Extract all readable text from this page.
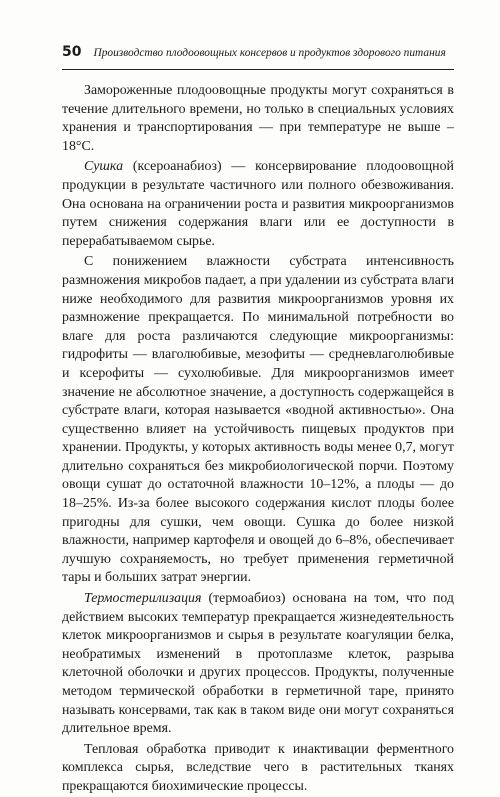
50 Производство плодоовощных консервов и продуктов здорового питания

Замороженные плодоовощные продукты могут сохраняться в течение длительного времени, но только в специальных условиях хранения и транспортирования — при температуре не выше –18°С.

Сушка (ксероанабиоз) — консервирование плодоовощной продукции в результате частичного или полного обезвоживания. Она основана на ограничении роста и развития микроорганизмов путем снижения содержания влаги или ее доступности в перерабатываемом сырье.

С понижением влажности субстрата интенсивность размножения микробов падает, а при удалении из субстрата влаги ниже необходимого для развития микроорганизмов уровня их размножение прекращается. По минимальной потребности во влаге для роста различаются следующие микроорганизмы: гидрофиты — влаголюбивые, мезофиты — средневлаголюбивые и ксерофиты — сухолюбивые. Для микроорганизмов имеет значение не абсолютное значение, а доступность содержащейся в субстрате влаги, которая называется «водной активностью». Она существенно влияет на устойчивость пищевых продуктов при хранении. Продукты, у которых активность воды менее 0,7, могут длительно сохраняться без микробиологической порчи. Поэтому овощи сушат до остаточной влажности 10–12%, а плоды — до 18–25%. Из-за более высокого содержания кислот плоды более пригодны для сушки, чем овощи. Сушка до более низкой влажности, например картофеля и овощей до 6–8%, обеспечивает лучшую сохраняемость, но требует применения герметичной тары и больших затрат энергии.

Термостерилизация (термоабиоз) основана на том, что под действием высоких температур прекращается жизнедеятельность клеток микроорганизмов и сырья в результате коагуляции белка, необратимых изменений в протоплазме клеток, разрыва клеточной оболочки и других процессов. Продукты, полученные методом термической обработки в герметичной таре, принято называть консервами, так как в таком виде они могут сохраняться длительное время.

Тепловая обработка приводит к инактивации ферментного комплекса сырья, вследствие чего в растительных тканях прекращаются биохимические процессы.
